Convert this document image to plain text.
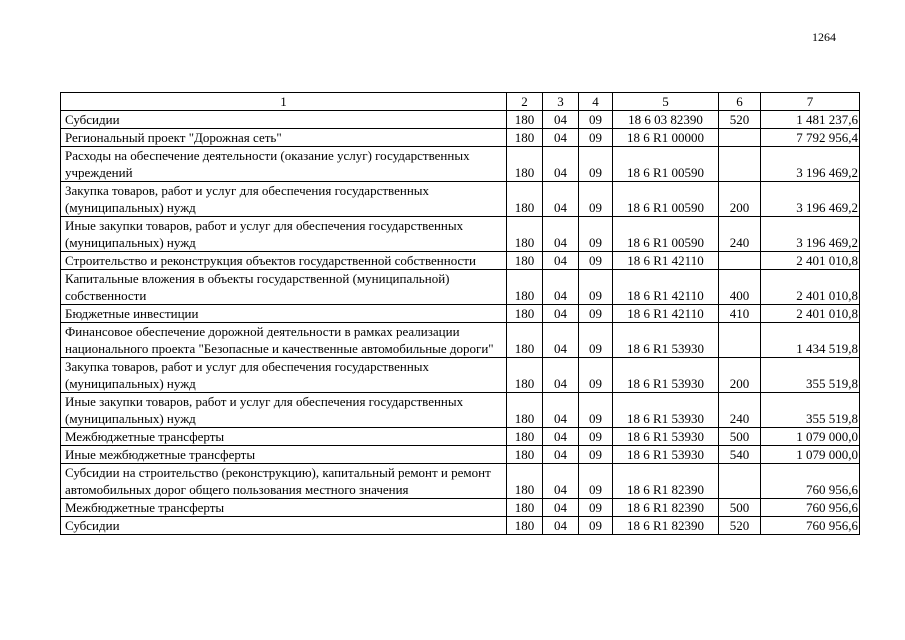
1264
1	2	3	4	5	6	7
Субсидии	180	04	09	18 6 03 82390	520	1 481 237,6
Региональный проект "Дорожная сеть"	180	04	09	18 6 R1 00000		7 792 956,4
Расходы на обеспечение деятельности (оказание услуг) государственных учреждений	180	04	09	18 6 R1 00590		3 196 469,2
Закупка товаров, работ и услуг для обеспечения государственных (муниципальных) нужд	180	04	09	18 6 R1 00590	200	3 196 469,2
Иные закупки товаров, работ и услуг для обеспечения государственных (муниципальных) нужд	180	04	09	18 6 R1 00590	240	3 196 469,2
Строительство и реконструкция объектов государственной собственности	180	04	09	18 6 R1 42110		2 401 010,8
Капитальные вложения в объекты государственной (муниципальной) собственности	180	04	09	18 6 R1 42110	400	2 401 010,8
Бюджетные инвестиции	180	04	09	18 6 R1 42110	410	2 401 010,8
Финансовое обеспечение дорожной деятельности в рамках реализации национального проекта "Безопасные и качественные автомобильные дороги"	180	04	09	18 6 R1 53930		1 434 519,8
Закупка товаров, работ и услуг для обеспечения государственных (муниципальных) нужд	180	04	09	18 6 R1 53930	200	355 519,8
Иные закупки товаров, работ и услуг для обеспечения государственных (муниципальных) нужд	180	04	09	18 6 R1 53930	240	355 519,8
Межбюджетные трансферты	180	04	09	18 6 R1 53930	500	1 079 000,0
Иные межбюджетные трансферты	180	04	09	18 6 R1 53930	540	1 079 000,0
Субсидии на строительство (реконструкцию), капитальный ремонт и ремонт автомобильных дорог общего пользования местного значения	180	04	09	18 6 R1 82390		760 956,6
Межбюджетные трансферты	180	04	09	18 6 R1 82390	500	760 956,6
Субсидии	180	04	09	18 6 R1 82390	520	760 956,6
